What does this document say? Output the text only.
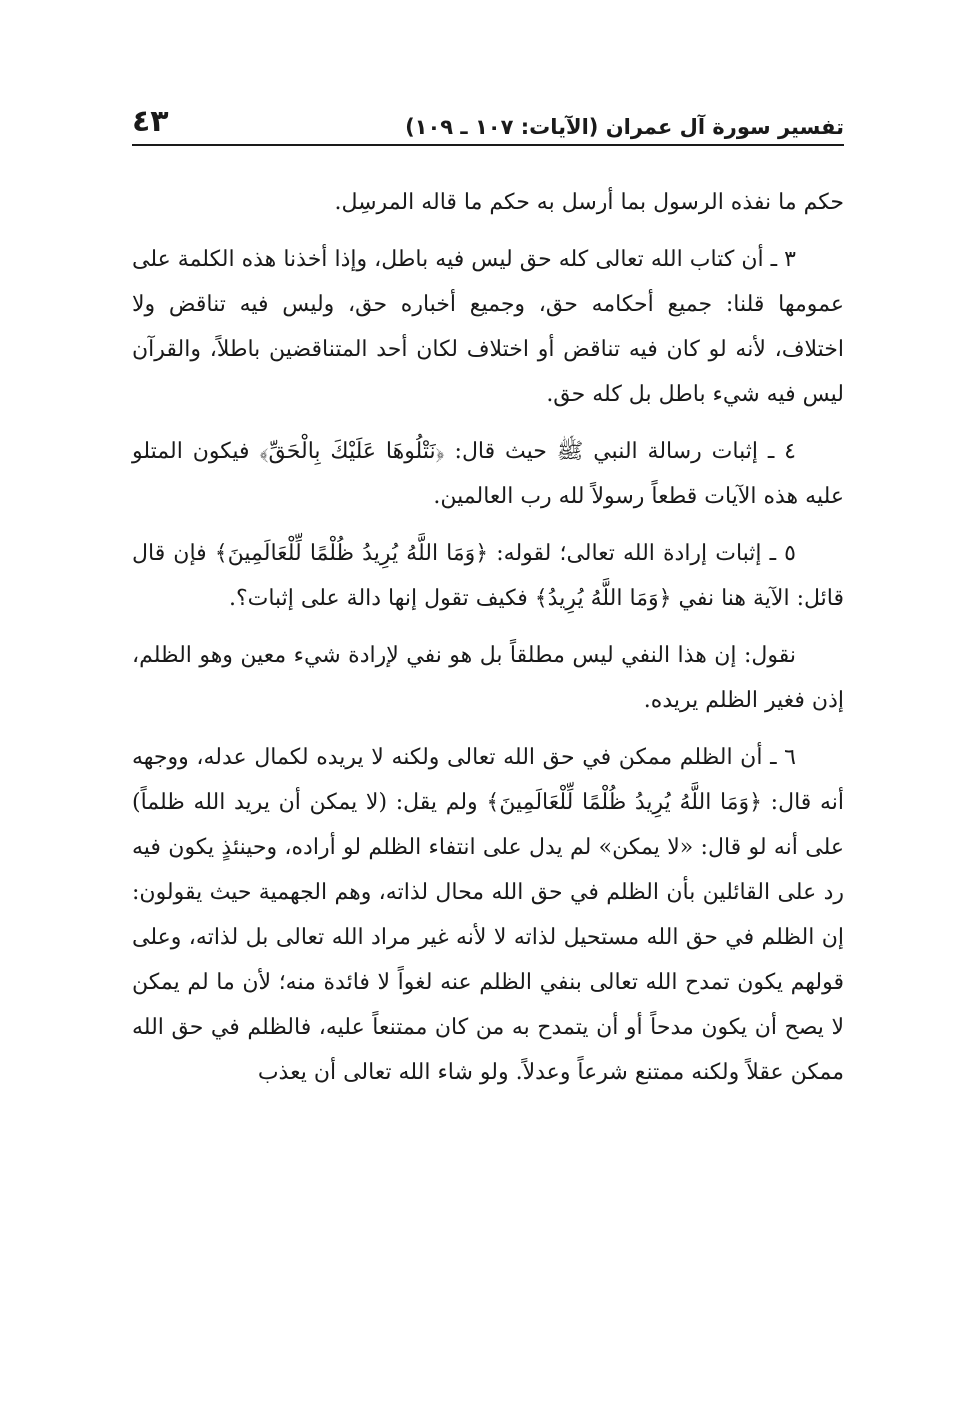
تفسير سورة آل عمران (الآيات: ١٠٧ ـ ١٠٩)
٤٣

حكم ما نفذه الرسول بما أرسل به حكم ما قاله المرسِل.

٣ ـ أن كتاب الله تعالى كله حق ليس فيه باطل، وإذا أخذنا هذه الكلمة على عمومها قلنا: جميع أحكامه حق، وجميع أخباره حق، وليس فيه تناقض ولا اختلاف، لأنه لو كان فيه تناقض أو اختلاف لكان أحد المتناقضين باطلاً، والقرآن ليس فيه شيء باطل بل كله حق.

٤ ـ إثبات رسالة النبي ﷺ حيث قال: ﴿نَتْلُوهَا عَلَيْكَ بِالْحَقِّ﴾ فيكون المتلو عليه هذه الآيات قطعاً رسولاً لله رب العالمين.

٥ ـ إثبات إرادة الله تعالى؛ لقوله: ﴿وَمَا اللَّهُ يُرِيدُ ظُلْمًا لِّلْعَالَمِينَ﴾ فإن قال قائل: الآية هنا نفي ﴿وَمَا اللَّهُ يُرِيدُ﴾ فكيف تقول إنها دالة على إثبات؟.

نقول: إن هذا النفي ليس مطلقاً بل هو نفي لإرادة شيء معين وهو الظلم، إذن فغير الظلم يريده.

٦ ـ أن الظلم ممكن في حق الله تعالى ولكنه لا يريده لكمال عدله، ووجهه أنه قال: ﴿وَمَا اللَّهُ يُرِيدُ ظُلْمًا لِّلْعَالَمِينَ﴾ ولم يقل: (لا يمكن أن يريد الله ظلماً) على أنه لو قال: «لا يمكن» لم يدل على انتفاء الظلم لو أراده، وحينئذٍ يكون فيه رد على القائلين بأن الظلم في حق الله محال لذاته، وهم الجهمية حيث يقولون: إن الظلم في حق الله مستحيل لذاته لا لأنه غير مراد الله تعالى بل لذاته، وعلى قولهم يكون تمدح الله تعالى بنفي الظلم عنه لغواً لا فائدة منه؛ لأن ما لم يمكن لا يصح أن يكون مدحاً أو أن يتمدح به من كان ممتنعاً عليه، فالظلم في حق الله ممكن عقلاً ولكنه ممتنع شرعاً وعدلاً. ولو شاء الله تعالى أن يعذب
